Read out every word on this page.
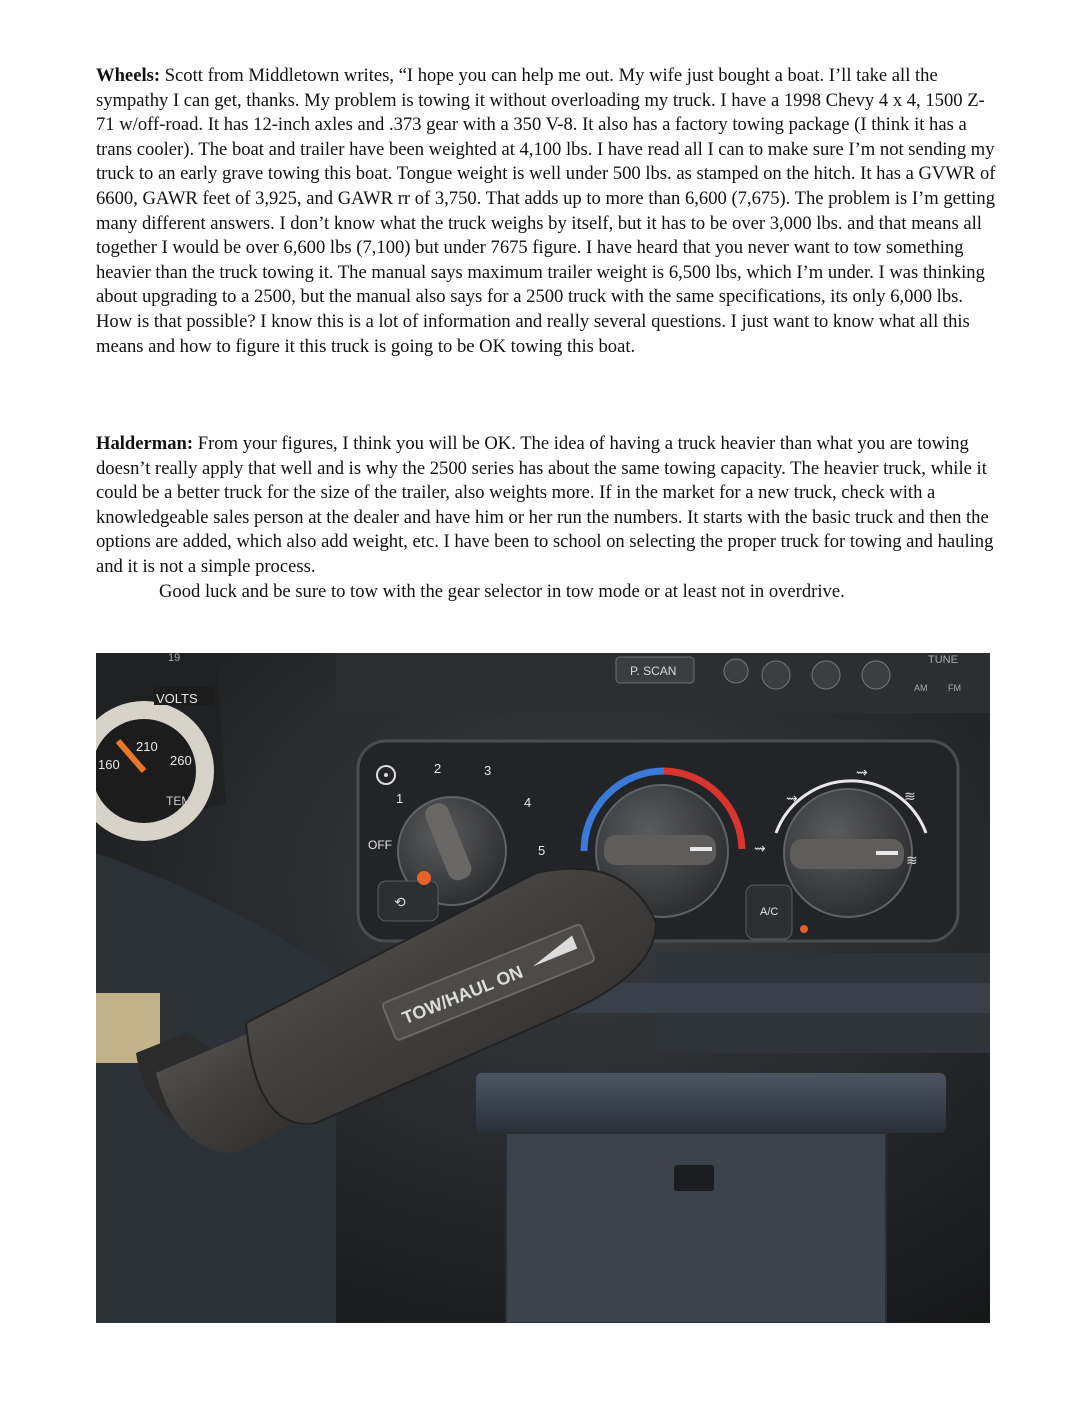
Wheels: Scott from Middletown writes, “I hope you can help me out. My wife just bought a boat. I’ll take all the sympathy I can get, thanks. My problem is towing it without overloading my truck. I have a 1998 Chevy 4 x 4, 1500 Z-71 w/off-road. It has 12-inch axles and .373 gear with a 350 V-8. It also has a factory towing package (I think it has a trans cooler). The boat and trailer have been weighted at 4,100 lbs. I have read all I can to make sure I’m not sending my truck to an early grave towing this boat. Tongue weight is well under 500 lbs. as stamped on the hitch. It has a GVWR of 6600, GAWR feet of 3,925, and GAWR rr of 3,750. That adds up to more than 6,600 (7,675). The problem is I’m getting many different answers. I don’t know what the truck weighs by itself, but it has to be over 3,000 lbs. and that means all together I would be over 6,600 lbs (7,100) but under 7675 figure. I have heard that you never want to tow something heavier than the truck towing it. The manual says maximum trailer weight is 6,500 lbs, which I’m under. I was thinking about upgrading to a 2500, but the manual also says for a 2500 truck with the same specifications, its only 6,000 lbs. How is that possible? I know this is a lot of information and really several questions. I just want to know what all this means and how to figure it this truck is going to be OK towing this boat.
Halderman: From your figures, I think you will be OK. The idea of having a truck heavier than what you are towing doesn’t really apply that well and is why the 2500 series has about the same towing capacity. The heavier truck, while it could be a better truck for the size of the trailer, also weights more. If in the market for a new truck, check with a knowledgeable sales person at the dealer and have him or her run the numbers. It starts with the basic truck and then the options are added, which also add weight, etc. I have been to school on selecting the proper truck for towing and hauling and it is not a simple process.
Good luck and be sure to tow with the gear selector in tow mode or at least not in overdrive.
VOLTS
210
260
160
19
TEM
P. SCAN
TUNE
AM FM
OFF
1
2	3
4
5
⇝
⇝
≋
≋
⇝
A/C
⟲
TOW/HAUL ON
